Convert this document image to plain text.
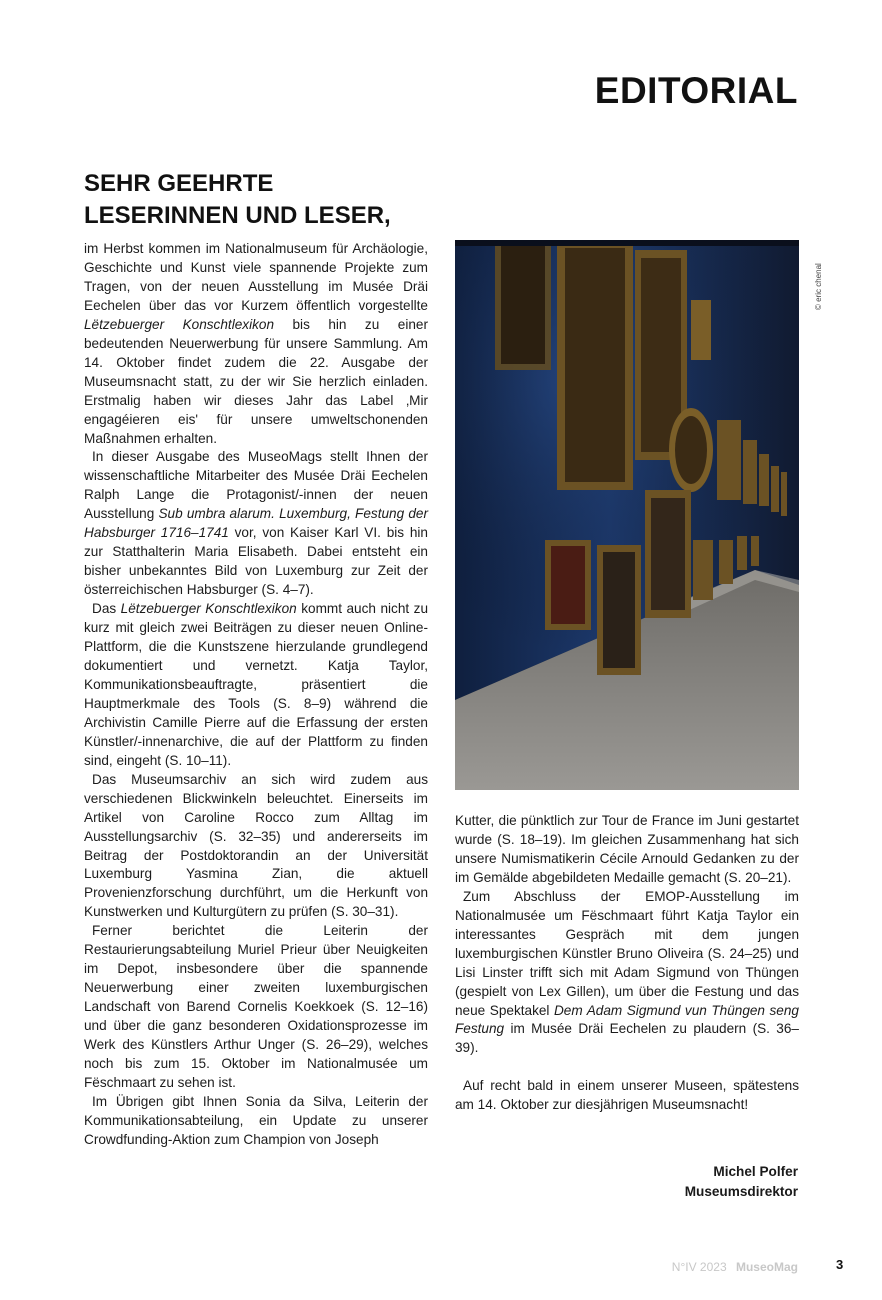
EDITORIAL
SEHR GEEHRTE
LESERINNEN UND LESER,

im Herbst kommen im Nationalmuseum für Archäologie, Geschichte und Kunst viele spannende Projekte zum Tragen, von der neuen Ausstellung im Musée Dräi Eechelen über das vor Kurzem öffentlich vorgestellte Lëtzebuerger Konschtlexikon bis hin zu einer bedeutenden Neuerwerbung für unsere Sammlung. Am 14. Oktober findet zudem die 22. Ausgabe der Museumsnacht statt, zu der wir Sie herzlich einladen. Erstmalig haben wir dieses Jahr das Label ‚Mir engagéieren eis' für unsere umweltschonenden Maßnahmen erhalten.

In dieser Ausgabe des MuseoMags stellt Ihnen der wissenschaftliche Mitarbeiter des Musée Dräi Eechelen Ralph Lange die Protagonist/-innen der neuen Ausstellung Sub umbra alarum. Luxemburg, Festung der Habsburger 1716–1741 vor, von Kaiser Karl VI. bis hin zur Statthalterin Maria Elisabeth. Dabei entsteht ein bisher unbekanntes Bild von Luxemburg zur Zeit der österreichischen Habsburger (S. 4–7).

Das Lëtzebuerger Konschtlexikon kommt auch nicht zu kurz mit gleich zwei Beiträgen zu dieser neuen Online-Plattform, die die Kunstszene hierzulande grundlegend dokumentiert und vernetzt. Katja Taylor, Kommunikationsbeauftragte, präsentiert die Hauptmerkmale des Tools (S. 8–9) während die Archivistin Camille Pierre auf die Erfassung der ersten Künstler/-innenarchive, die auf der Plattform zu finden sind, eingeht (S. 10–11).

Das Museumsarchiv an sich wird zudem aus verschiedenen Blickwinkeln beleuchtet. Einerseits im Artikel von Caroline Rocco zum Alltag im Ausstellungsarchiv (S. 32–35) und andererseits im Beitrag der Postdoktorandin an der Universität Luxemburg Yasmina Zian, die aktuell Provenienzforschung durchführt, um die Herkunft von Kunstwerken und Kulturgütern zu prüfen (S. 30–31).

Ferner berichtet die Leiterin der Restaurierungsabteilung Muriel Prieur über Neuigkeiten im Depot, insbesondere über die spannende Neuerwerbung einer zweiten luxemburgischen Landschaft von Barend Cornelis Koekkoek (S. 12–16) und über die ganz besonderen Oxidationsprozesse im Werk des Künstlers Arthur Unger (S. 26–29), welches noch bis zum 15. Oktober im Nationalmusée um Fëschmaart zu sehen ist.

Im Übrigen gibt Ihnen Sonia da Silva, Leiterin der Kommunikationsabteilung, ein Update zu unserer Crowdfunding-Aktion zum Champion von Joseph

© eric chenal

Kutter, die pünktlich zur Tour de France im Juni gestartet wurde (S. 18–19). Im gleichen Zusammenhang hat sich unsere Numismatikerin Cécile Arnould Gedanken zu der im Gemälde abgebildeten Medaille gemacht (S. 20–21).

Zum Abschluss der EMOP-Ausstellung im Nationalmusée um Fëschmaart führt Katja Taylor ein interessantes Gespräch mit dem jungen luxemburgischen Künstler Bruno Oliveira (S. 24–25) und Lisi Linster trifft sich mit Adam Sigmund von Thüngen (gespielt von Lex Gillen), um über die Festung und das neue Spektakel Dem Adam Sigmund vun Thüngen seng Festung im Musée Dräi Eechelen zu plaudern (S. 36–39).

Auf recht bald in einem unserer Museen, spätestens am 14. Oktober zur diesjährigen Museumsnacht!

Michel Polfer
Museumsdirektor
N°IV 2023 MuseoMag	3
